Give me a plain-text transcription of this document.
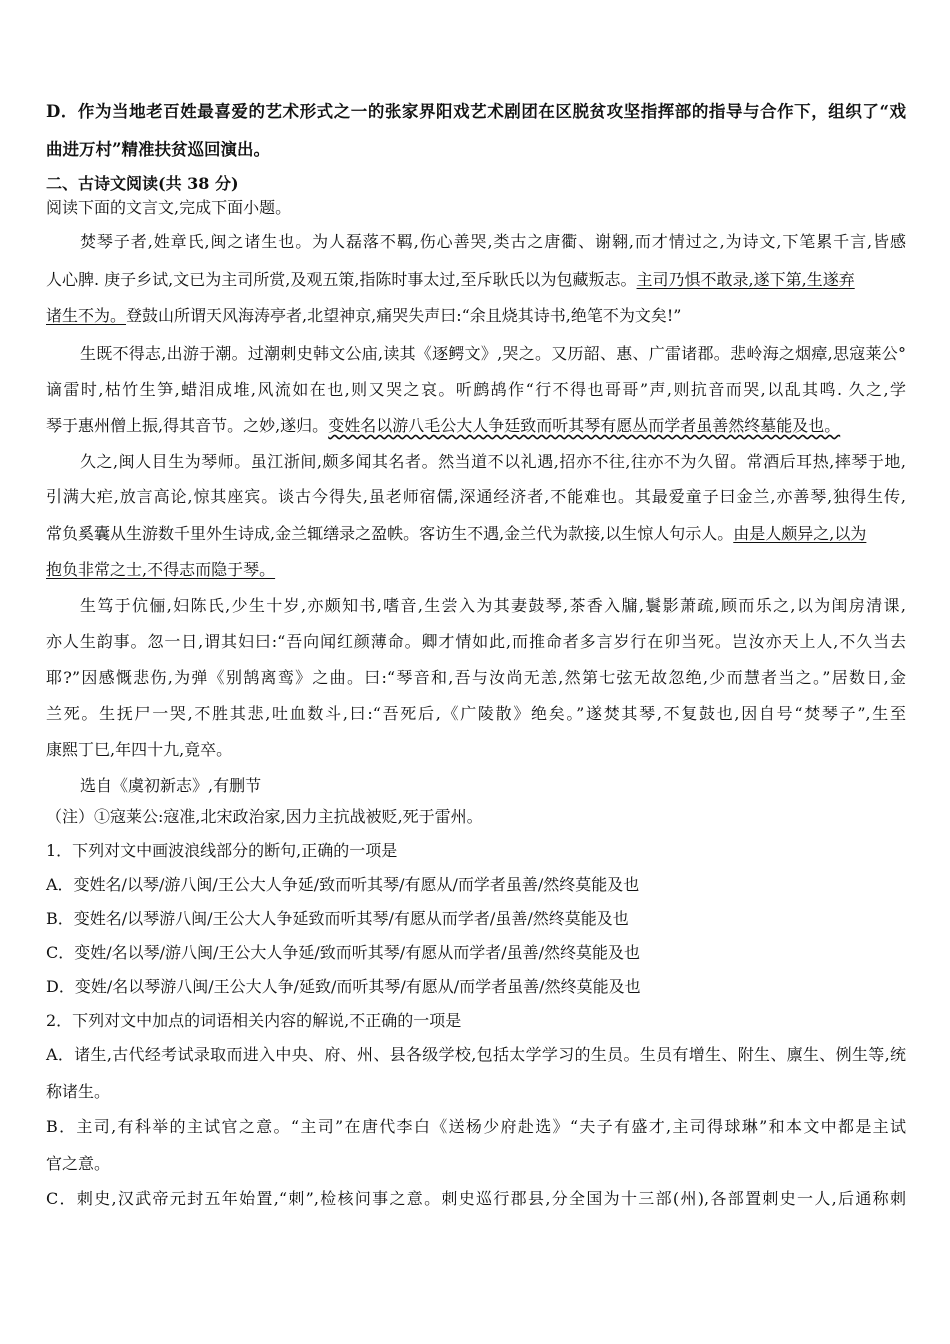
D．作为当地老百姓最喜爱的艺术形式之一的张家界阳戏艺术剧团在区脱贫攻坚指挥部的指导与合作下，组织了“戏
曲进万村”精准扶贫巡回演出。
二、古诗文阅读(共 38 分)
阅读下面的文言文,完成下面小题。
焚琴子者,姓章氏,闽之诸生也。为人磊落不羁,伤心善哭,类古之唐衢、谢翱,而才情过之,为诗文,下笔累千言,皆感
人心脾. 庚子乡试,文已为主司所赏,及观五策,指陈时事太过,至斥耿氏以为包藏叛志。主司乃惧不敢录,遂下第,生遂弃
诸生不为。登鼓山所谓天风海涛亭者,北望神京,痛哭失声曰:“余且烧其诗书,绝笔不为文矣!”
生既不得志,出游于潮。过潮刺史韩文公庙,读其《逐鳄文》,哭之。又历韶、惠、广雷诸郡。悲岭海之烟瘴,思寇莱公°
谪雷时,枯竹生笋,蜡泪成堆,风流如在也,则又哭之哀。听鹧鸪作“行不得也哥哥”声,则抗音而哭,以乱其鸣. 久之,学
琴于惠州僧上振,得其音节。之妙,遂归。变姓名以游八毛公大人争廷致而听其琴有愿丛而学者虽善然终墓能及也。
久之,闽人目生为琴师。虽江浙间,颇多闻其名者。然当道不以礼遇,招亦不往,往亦不为久留。常酒后耳热,摔琴于地,
引满大疟,放言高论,惊其座宾。谈古今得失,虽老师宿儒,深通经济者,不能难也。其最爱童子曰金兰,亦善琴,独得生传,
常负奚囊从生游数千里外生诗成,金兰辄缮录之盈帙。客访生不遇,金兰代为款接,以生惊人句示人。由是人颇异之,以为
抱负非常之士,不得志而隐于琴。
生笃于伉俪,妇陈氏,少生十岁,亦颇知书,嗜音,生尝入为其妻鼓琴,茶香入牖,鬟影萧疏,顾而乐之,以为闺房清课,
亦人生韵事。忽一日,谓其妇曰:“吾向闻红颜薄命。卿才情如此,而推命者多言岁行在卯当死。岂汝亦天上人,不久当去
耶?”因感慨悲伤,为弹《别鹄离鸾》之曲。曰:“琴音和,吾与汝尚无恙,然第七弦无故忽绝,少而慧者当之。”居数日,金
兰死。生抚尸一哭,不胜其悲,吐血数斗,曰:“吾死后,《广陵散》绝矣。”遂焚其琴,不复鼓也,因自号“焚琴子”,生至
康熙丁巳,年四十九,竟卒。
选自《虞初新志》,有删节
（注）①寇莱公:寇准,北宋政治家,因力主抗战被贬,死于雷州。
1．下列对文中画波浪线部分的断句,正确的一项是
A．变姓名/以琴/游八闽/王公大人争延/致而听其琴/有愿从/而学者虽善/然终莫能及也
B．变姓名/以琴游八闽/王公大人争延致而听其琴/有愿从而学者/虽善/然终莫能及也
C．变姓/名以琴/游八闽/王公大人争延/致而听其琴/有愿从而学者/虽善/然终莫能及也
D．变姓/名以琴游八闽/王公大人争/延致/而听其琴/有愿从/而学者虽善/然终莫能及也
2．下列对文中加点的词语相关内容的解说,不正确的一项是
A．诸生,古代经考试录取而进入中央、府、州、县各级学校,包括太学学习的生员。生员有增生、附生、廪生、例生等,统
称诸生。
B．主司,有科举的主试官之意。“主司”在唐代李白《送杨少府赴选》“夫子有盛才,主司得球琳”和本文中都是主试
官之意。
C．刺史,汉武帝元封五年始置,“刺”,检核问事之意。刺史巡行郡县,分全国为十三部(州),各部置刺史一人,后通称刺
